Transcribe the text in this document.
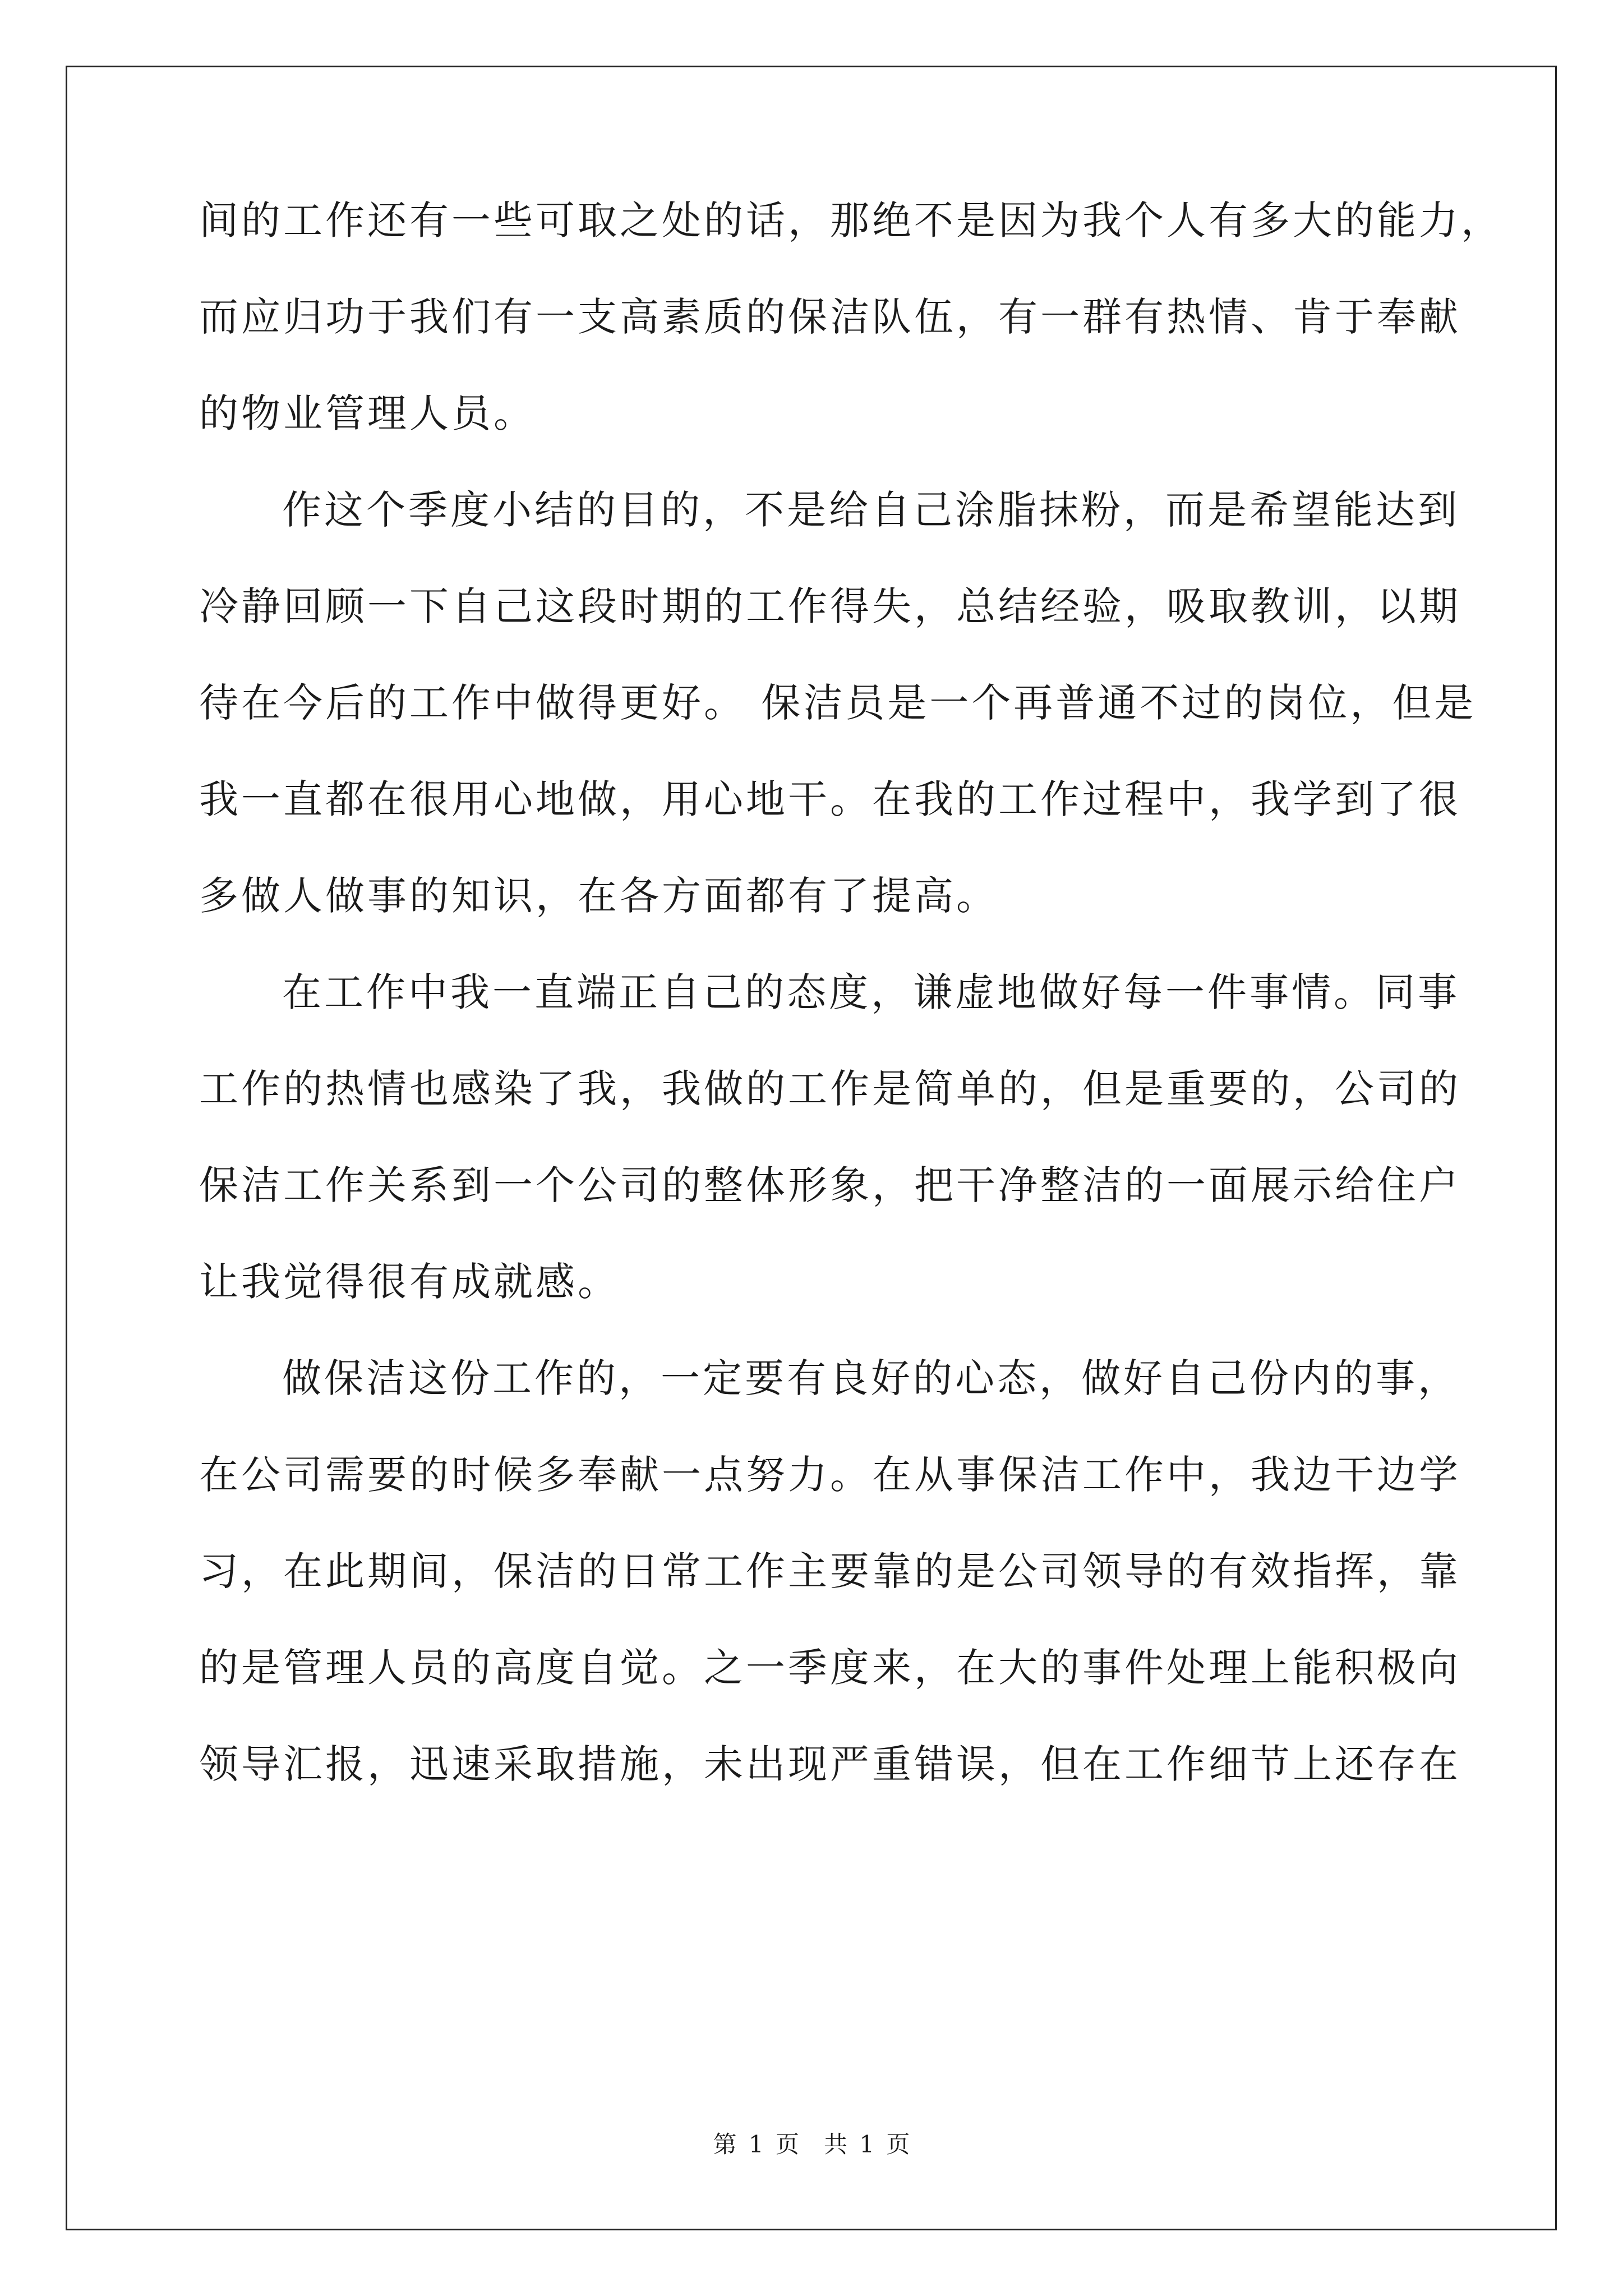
间的工作还有一些可取之处的话，那绝不是因为我个人有多大的能力，
而应归功于我们有一支高素质的保洁队伍，有一群有热情、肯于奉献
的物业管理人员。
作这个季度小结的目的，不是给自己涂脂抹粉，而是希望能达到
冷静回顾一下自己这段时期的工作得失，总结经验，吸取教训，以期
待在今后的工作中做得更好。 保洁员是一个再普通不过的岗位，但是
我一直都在很用心地做，用心地干。在我的工作过程中，我学到了很
多做人做事的知识，在各方面都有了提高。
在工作中我一直端正自己的态度，谦虚地做好每一件事情。同事
工作的热情也感染了我，我做的工作是简单的，但是重要的，公司的
保洁工作关系到一个公司的整体形象，把干净整洁的一面展示给住户
让我觉得很有成就感。
做保洁这份工作的，一定要有良好的心态，做好自己份内的事，
在公司需要的时候多奉献一点努力。在从事保洁工作中，我边干边学
习，在此期间，保洁的日常工作主要靠的是公司领导的有效指挥，靠
的是管理人员的高度自觉。之一季度来，在大的事件处理上能积极向
领导汇报，迅速采取措施，未出现严重错误，但在工作细节上还存在
第 1 页 共 1 页
